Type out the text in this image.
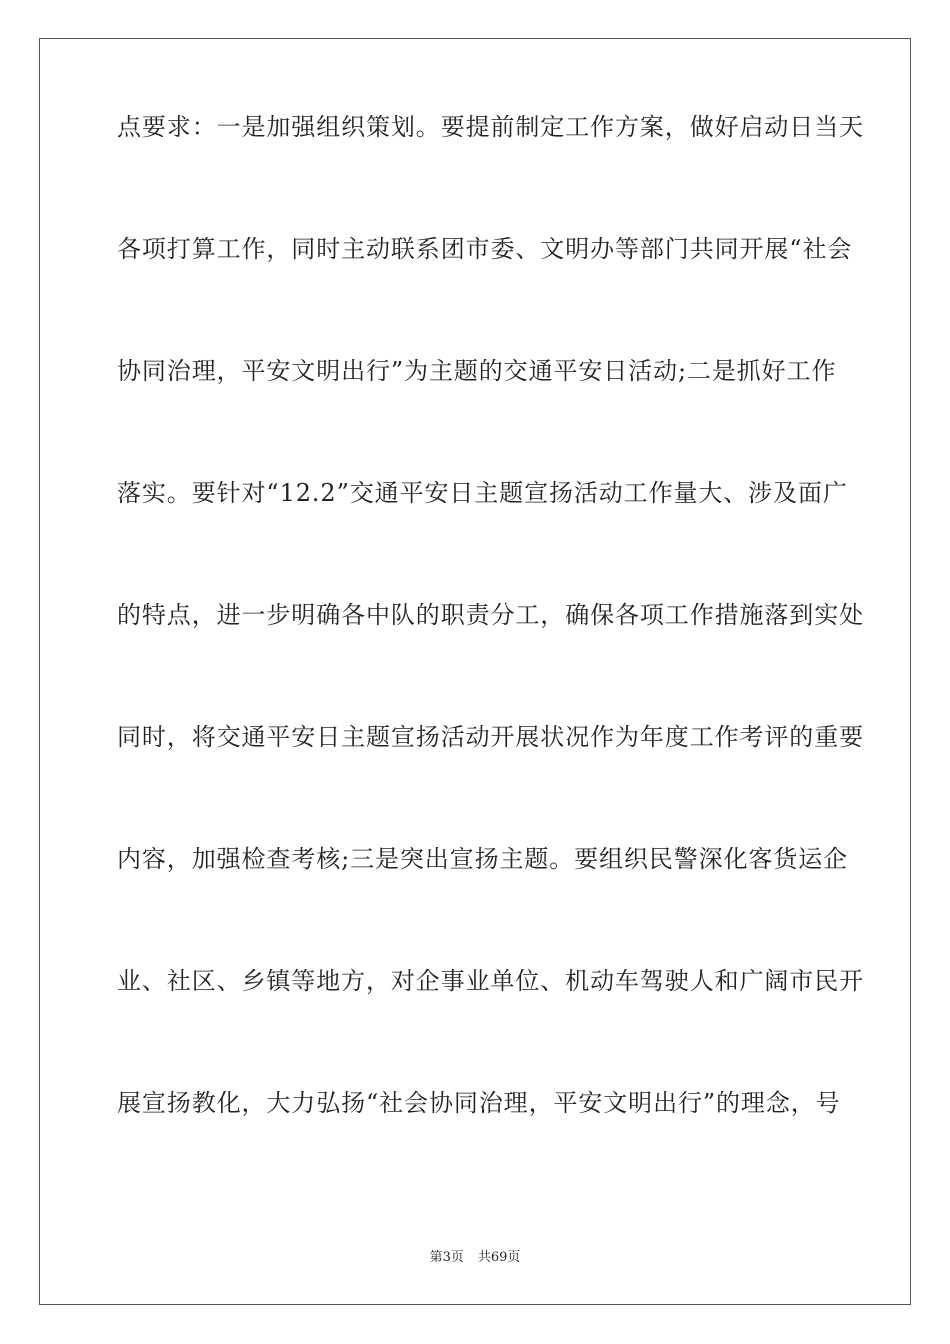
点要求：一是加强组织策划。要提前制定工作方案，做好启动日当天

各项打算工作，同时主动联系团市委、文明办等部门共同开展“社会

协同治理，平安文明出行”为主题的交通平安日活动;二是抓好工作

落实。要针对“12.2”交通平安日主题宣扬活动工作量大、涉及面广

的特点，进一步明确各中队的职责分工，确保各项工作措施落到实处

同时，将交通平安日主题宣扬活动开展状况作为年度工作考评的重要

内容，加强检查考核;三是突出宣扬主题。要组织民警深化客货运企

业、社区、乡镇等地方，对企事业单位、机动车驾驶人和广阔市民开

展宣扬教化，大力弘扬“社会协同治理，平安文明出行”的理念，号

第3页 共69页
